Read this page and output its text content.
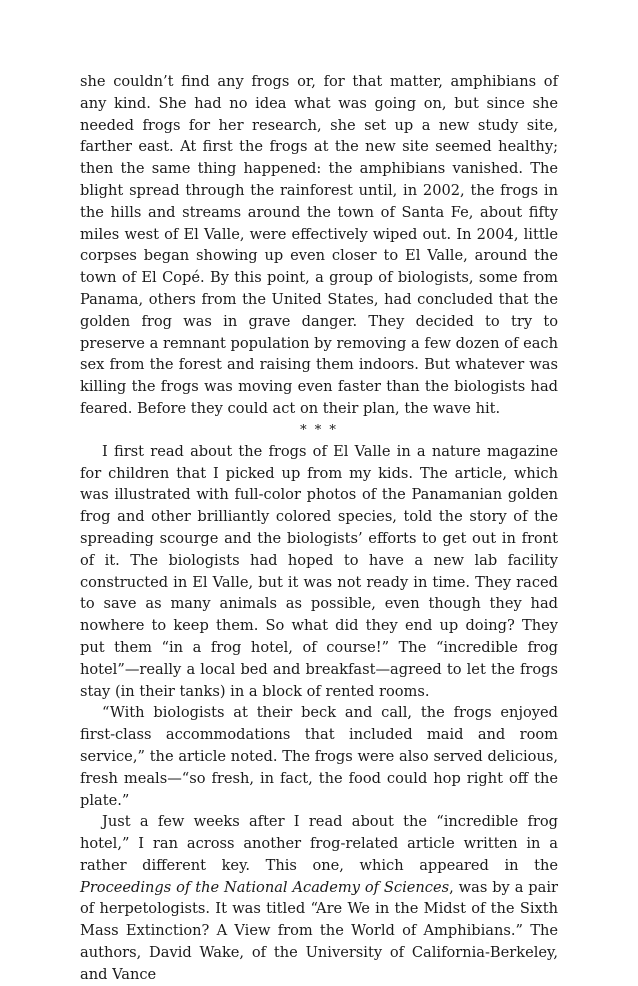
she couldn’t find any frogs or, for that matter, amphibians of any kind. She had no idea what was going on, but since she needed frogs for her research, she set up a new study site, farther east. At first the frogs at the new site seemed healthy; then the same thing happened: the amphibians vanished. The blight spread through the rainforest until, in 2002, the frogs in the hills and streams around the town of Santa Fe, about fifty miles west of El Valle, were effectively wiped out. In 2004, little corpses began showing up even closer to El Valle, around the town of El Copé. By this point, a group of biologists, some from Panama, others from the United States, had concluded that the golden frog was in grave danger. They decided to try to preserve a remnant population by removing a few dozen of each sex from the forest and raising them indoors. But whatever was killing the frogs was moving even faster than the biologists had feared. Before they could act on their plan, the wave hit.

* * *

I first read about the frogs of El Valle in a nature magazine for children that I picked up from my kids. The article, which was illustrated with full-color photos of the Panamanian golden frog and other brilliantly colored species, told the story of the spreading scourge and the biologists’ efforts to get out in front of it. The biologists had hoped to have a new lab facility constructed in El Valle, but it was not ready in time. They raced to save as many animals as possible, even though they had nowhere to keep them. So what did they end up doing? They put them “in a frog hotel, of course!” The “incredible frog hotel”—really a local bed and breakfast—agreed to let the frogs stay (in their tanks) in a block of rented rooms.

“With biologists at their beck and call, the frogs enjoyed first-class accommodations that included maid and room service,” the article noted. The frogs were also served delicious, fresh meals—“so fresh, in fact, the food could hop right off the plate.”

Just a few weeks after I read about the “incredible frog hotel,” I ran across another frog-related article written in a rather different key. This one, which appeared in the Proceedings of the National Academy of Sciences, was by a pair of herpetologists. It was titled “Are We in the Midst of the Sixth Mass Extinction? A View from the World of Amphibians.” The authors, David Wake, of the University of California-Berkeley, and Vance
